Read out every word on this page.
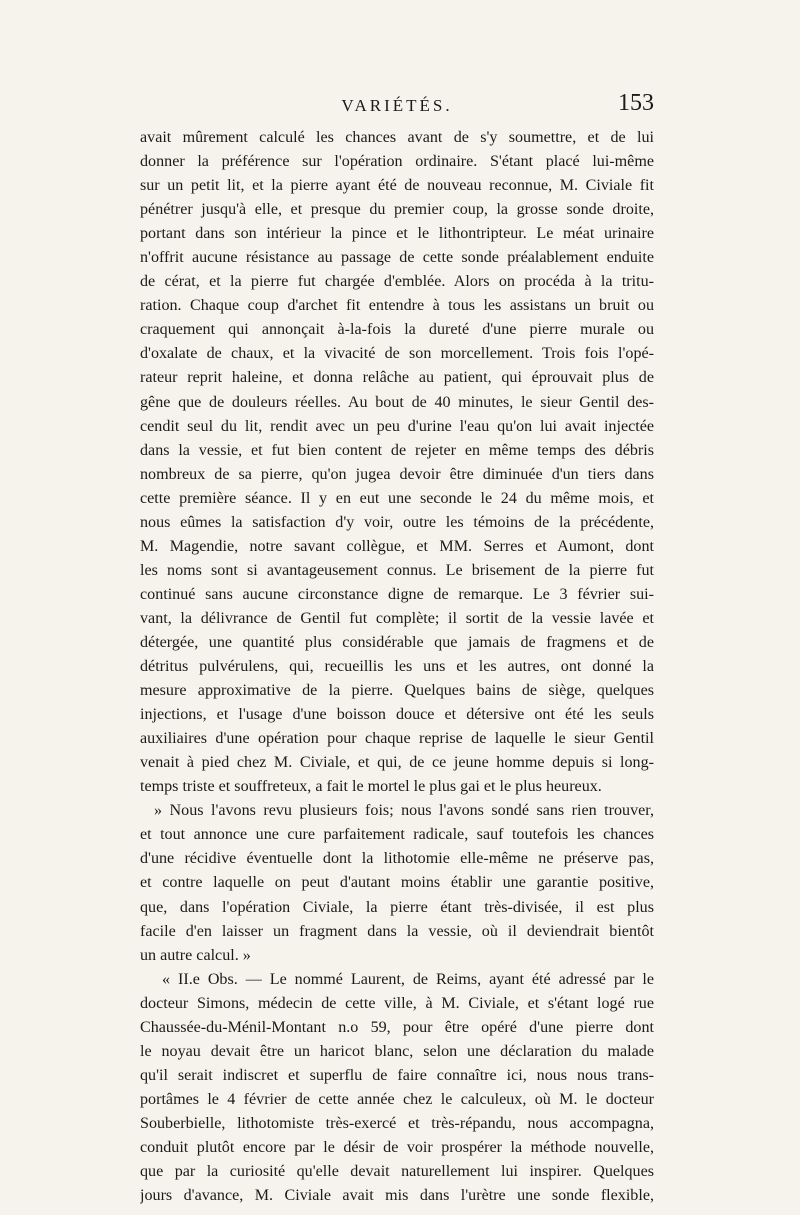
VARIÉTÉS.	153
avait mûrement calculé les chances avant de s'y soumettre, et de lui
donner la préférence sur l'opération ordinaire. S'étant placé lui-même
sur un petit lit, et la pierre ayant été de nouveau reconnue, M. Civiale fit
pénétrer jusqu'à elle, et presque du premier coup, la grosse sonde droite,
portant dans son intérieur la pince et le lithontripteur. Le méat urinaire
n'offrit aucune résistance au passage de cette sonde préalablement enduite
de cérat, et la pierre fut chargée d'emblée. Alors on procéda à la tritu-
ration. Chaque coup d'archet fit entendre à tous les assistans un bruit ou
craquement qui annonçait à-la-fois la dureté d'une pierre murale ou
d'oxalate de chaux, et la vivacité de son morcellement. Trois fois l'opé-
rateur reprit haleine, et donna relâche au patient, qui éprouvait plus de
gêne que de douleurs réelles. Au bout de 40 minutes, le sieur Gentil des-
cendit seul du lit, rendit avec un peu d'urine l'eau qu'on lui avait injectée
dans la vessie, et fut bien content de rejeter en même temps des débris
nombreux de sa pierre, qu'on jugea devoir être diminuée d'un tiers dans
cette première séance. Il y en eut une seconde le 24 du même mois, et
nous eûmes la satisfaction d'y voir, outre les témoins de la précédente,
M. Magendie, notre savant collègue, et MM. Serres et Aumont, dont
les noms sont si avantageusement connus. Le brisement de la pierre fut
continué sans aucune circonstance digne de remarque. Le 3 février sui-
vant, la délivrance de Gentil fut complète; il sortit de la vessie lavée et
détergée, une quantité plus considérable que jamais de fragmens et de
détritus pulvérulens, qui, recueillis les uns et les autres, ont donné la
mesure approximative de la pierre. Quelques bains de siège, quelques
injections, et l'usage d'une boisson douce et détersive ont été les seuls
auxiliaires d'une opération pour chaque reprise de laquelle le sieur Gentil
venait à pied chez M. Civiale, et qui, de ce jeune homme depuis si long-
temps triste et souffreteux, a fait le mortel le plus gai et le plus heureux.
» Nous l'avons revu plusieurs fois; nous l'avons sondé sans rien trouver,
et tout annonce une cure parfaitement radicale, sauf toutefois les chances
d'une récidive éventuelle dont la lithotomie elle-même ne préserve pas,
et contre laquelle on peut d'autant moins établir une garantie positive,
que, dans l'opération Civiale, la pierre étant très-divisée, il est plus
facile d'en laisser un fragment dans la vessie, où il deviendrait bientôt
un autre calcul. »
« II.e Obs. — Le nommé Laurent, de Reims, ayant été adressé par le
docteur Simons, médecin de cette ville, à M. Civiale, et s'étant logé rue
Chaussée-du-Ménil-Montant n.o 59, pour être opéré d'une pierre dont
le noyau devait être un haricot blanc, selon une déclaration du malade
qu'il serait indiscret et superflu de faire connaître ici, nous nous trans-
portâmes le 4 février de cette année chez le calculeux, où M. le docteur
Souberbielle, lithotomiste très-exercé et très-répandu, nous accompagna,
conduit plutôt encore par le désir de voir prospérer la méthode nouvelle,
que par la curiosité qu'elle devait naturellement lui inspirer. Quelques
jours d'avance, M. Civiale avait mis dans l'urètre une sonde flexible,
